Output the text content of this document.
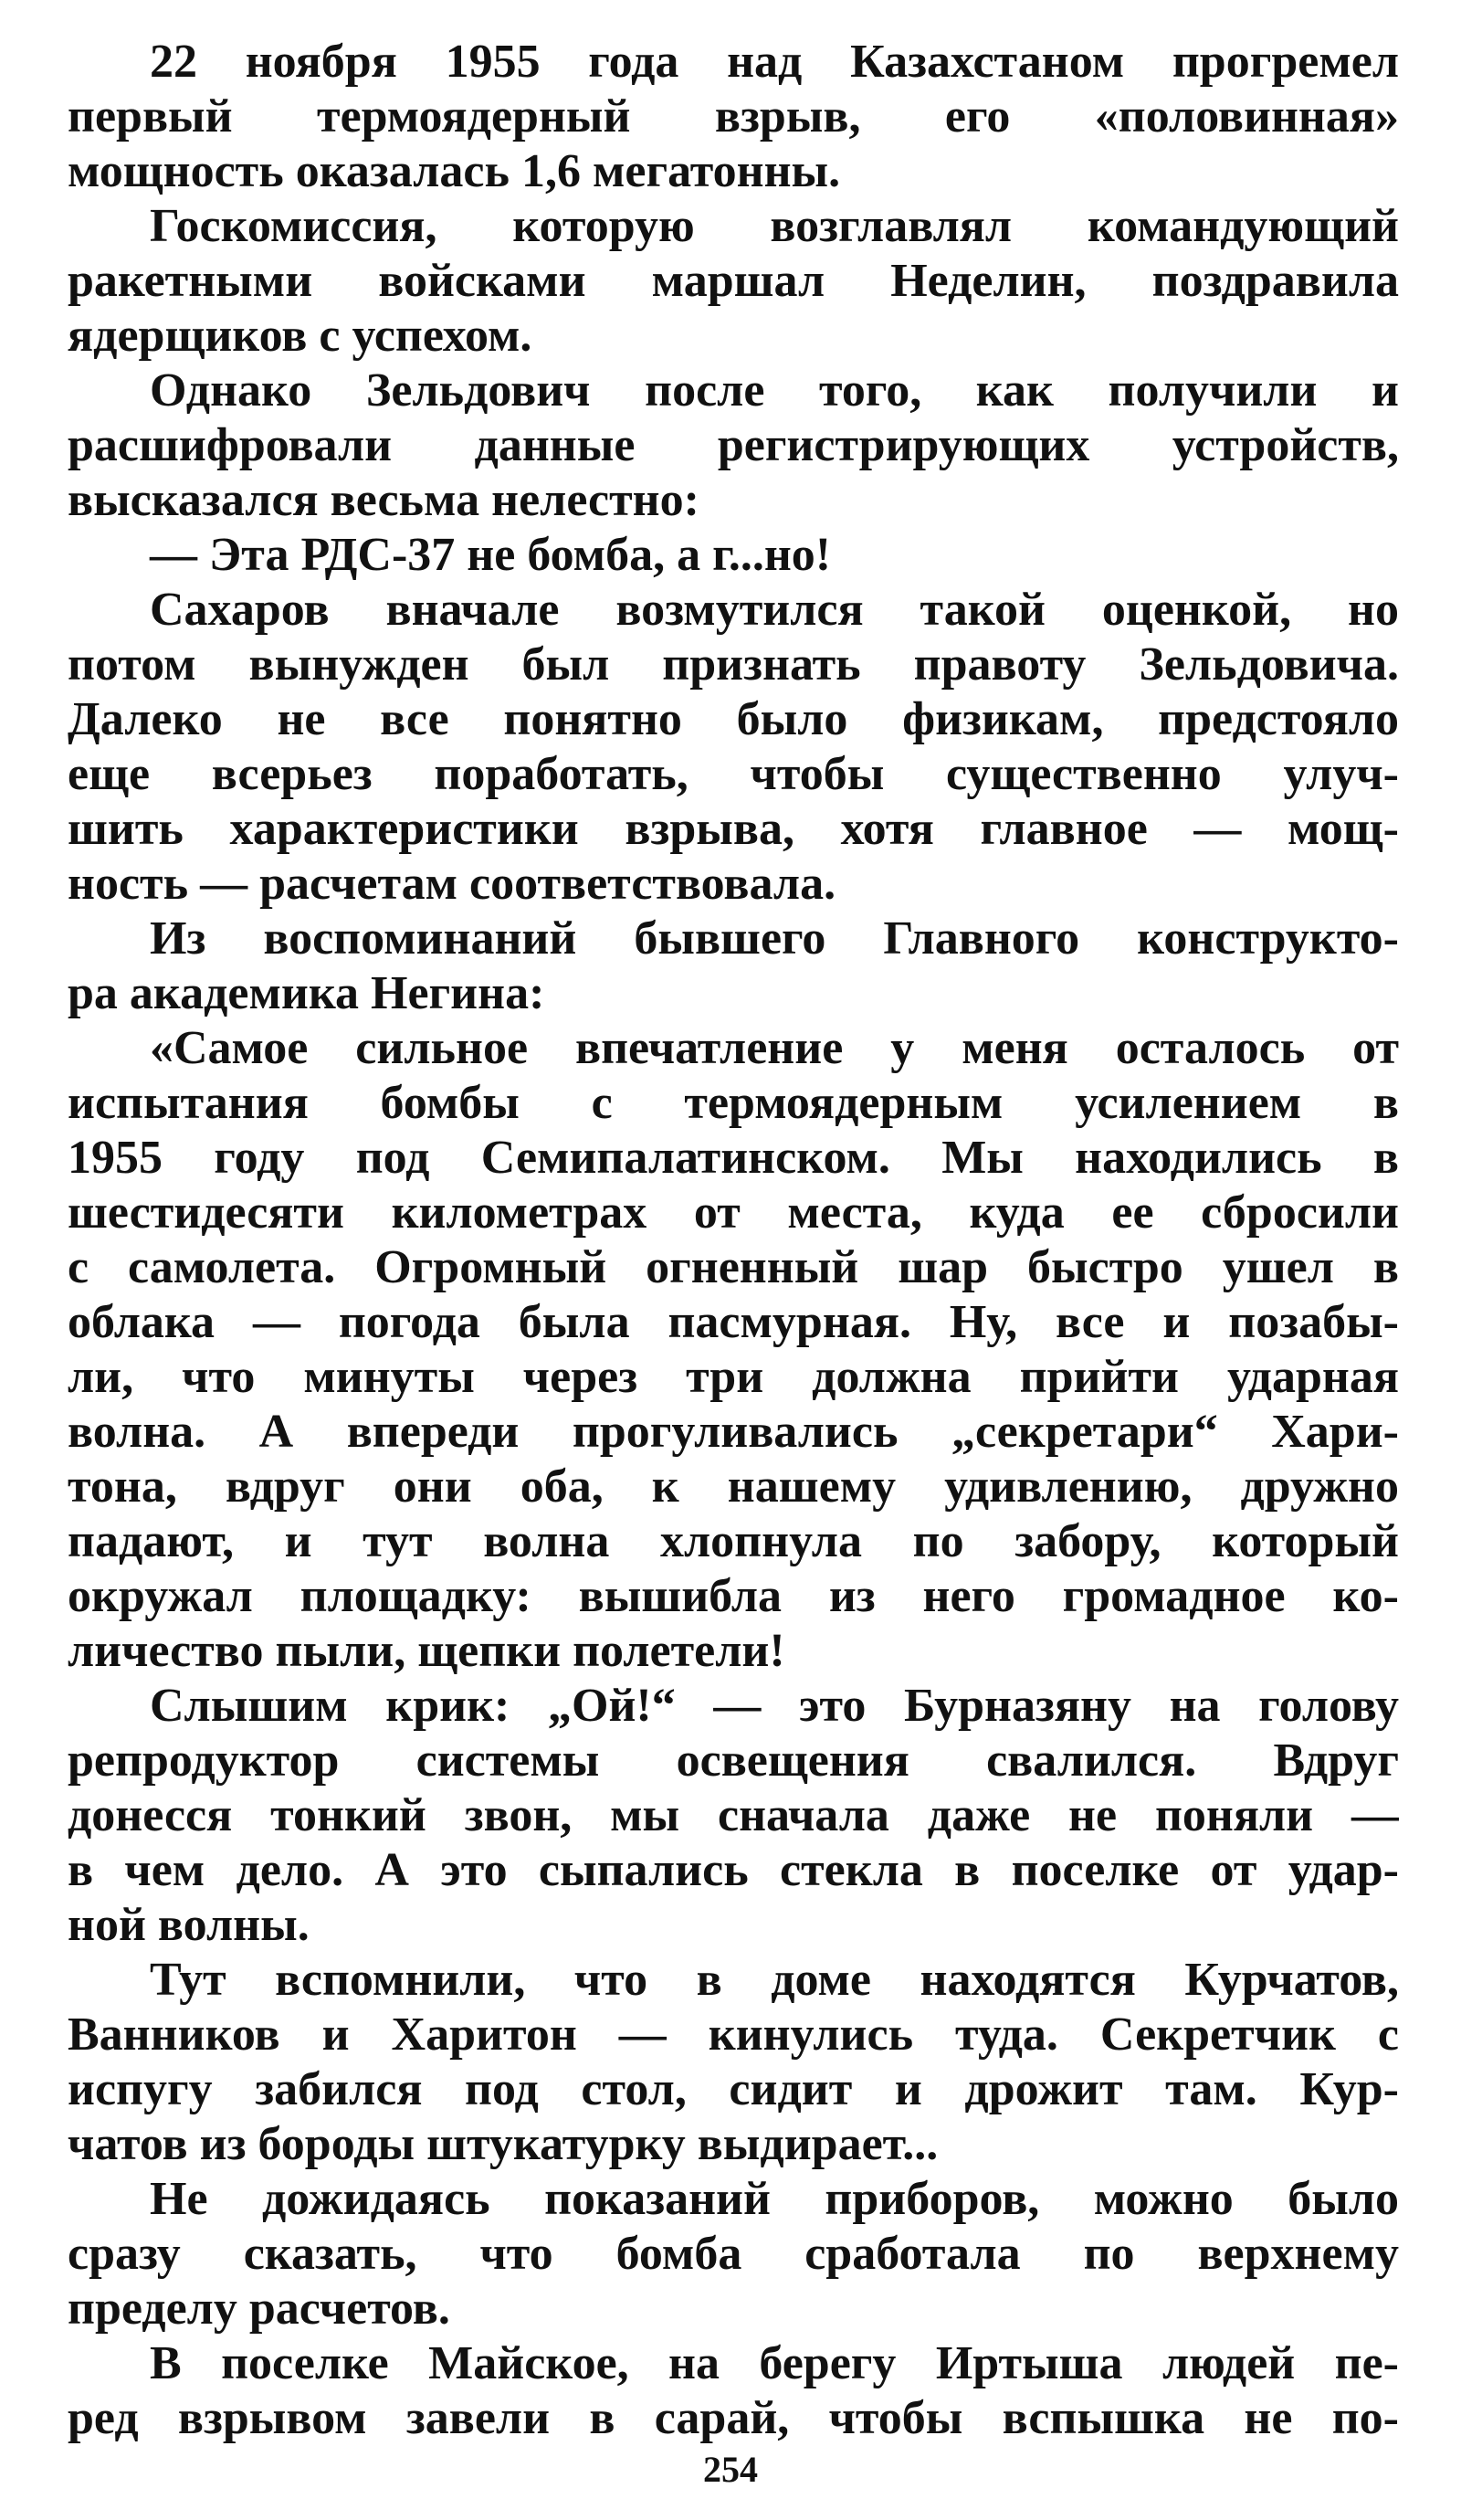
22 ноября 1955 года над Казахстаном прогремел
первый термоядерный взрыв, его «половинная»
мощность оказалась 1,6 мегатонны.
Госкомиссия, которую возглавлял командующий
ракетными войсками маршал Неделин, поздравила
ядерщиков с успехом.
Однако Зельдович после того, как получили и
расшифровали данные регистрирующих устройств,
высказался весьма нелестно:
— Эта РДС-37 не бомба, а г...но!
Сахаров вначале возмутился такой оценкой, но
потом вынужден был признать правоту Зельдовича.
Далеко не все понятно было физикам, предстояло
еще всерьез поработать, чтобы существенно улуч-
шить характеристики взрыва, хотя главное — мощ-
ность — расчетам соответствовала.
Из воспоминаний бывшего Главного конструкто-
ра академика Негина:
«Самое сильное впечатление у меня осталось от
испытания бомбы с термоядерным усилением в
1955 году под Семипалатинском. Мы находились в
шестидесяти километрах от места, куда ее сбросили
с самолета. Огромный огненный шар быстро ушел в
облака — погода была пасмурная. Ну, все и позабы-
ли, что минуты через три должна прийти ударная
волна. А впереди прогуливались „секретари“ Хари-
тона, вдруг они оба, к нашему удивлению, дружно
падают, и тут волна хлопнула по забору, который
окружал площадку: вышибла из него громадное ко-
личество пыли, щепки полетели!
Слышим крик: „Ой!“ — это Бурназяну на голову
репродуктор системы освещения свалился. Вдруг
донесся тонкий звон, мы сначала даже не поняли —
в чем дело. А это сыпались стекла в поселке от удар-
ной волны.
Тут вспомнили, что в доме находятся Курчатов,
Ванников и Харитон — кинулись туда. Секретчик с
испугу забился под стол, сидит и дрожит там. Кур-
чатов из бороды штукатурку выдирает...
Не дожидаясь показаний приборов, можно было
сразу сказать, что бомба сработала по верхнему
пределу расчетов.
В поселке Майское, на берегу Иртыша людей пе-
ред взрывом завели в сарай, чтобы вспышка не по-
254
